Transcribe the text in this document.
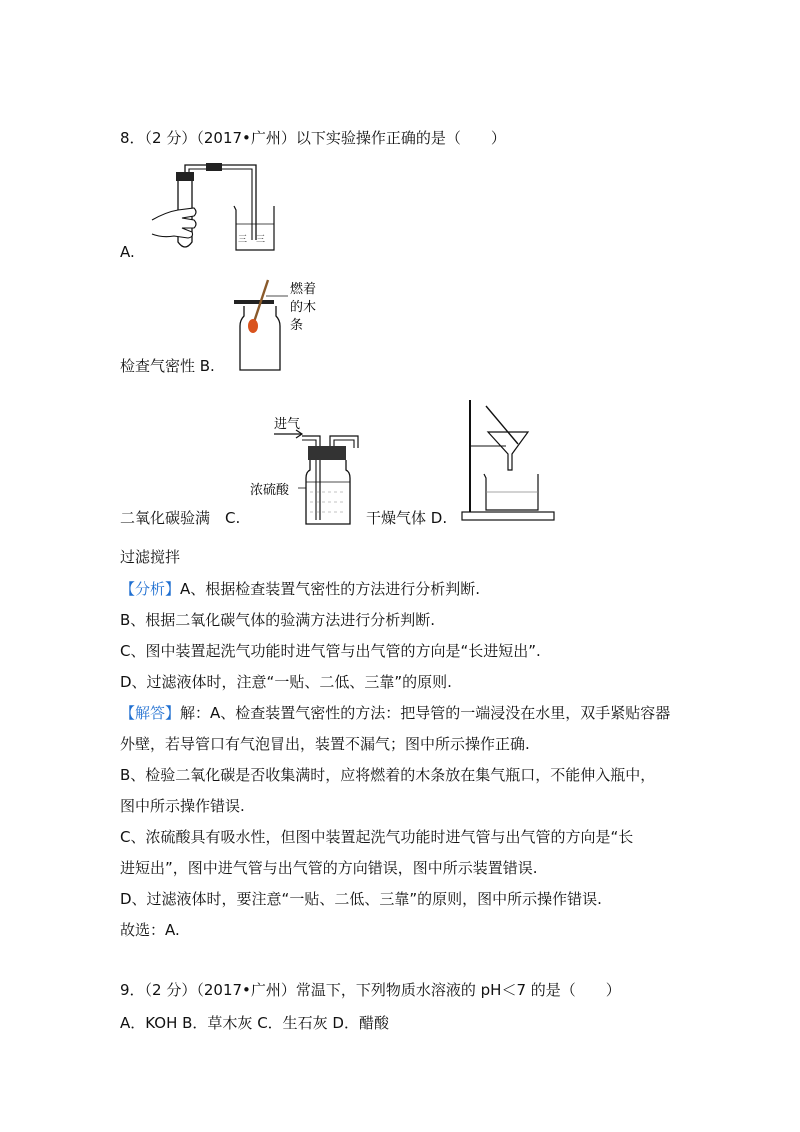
8．（2 分）（2017•广州）以下实验操作正确的是（　　）
三　三
A.
燃着
的木
条
检查气密性 B.
进气
浓硫酸
二氧化碳验满　C.	干燥气体 D.
过滤搅拌
【分析】A、根据检查装置气密性的方法进行分析判断.
B、根据二氧化碳气体的验满方法进行分析判断.
C、图中装置起洗气功能时进气管与出气管的方向是“长进短出”.
D、过滤液体时，注意“一贴、二低、三靠”的原则.
【解答】解：A、检查装置气密性的方法：把导管的一端浸没在水里，双手紧贴容器
外壁，若导管口有气泡冒出，装置不漏气；图中所示操作正确.
B、检验二氧化碳是否收集满时，应将燃着的木条放在集气瓶口，不能伸入瓶中，
图中所示操作错误.
C、浓硫酸具有吸水性，但图中装置起洗气功能时进气管与出气管的方向是“长
进短出”，图中进气管与出气管的方向错误，图中所示装置错误.
D、过滤液体时，要注意“一贴、二低、三靠”的原则，图中所示操作错误.
故选：A.
9．（2 分）（2017•广州）常温下，下列物质水溶液的 pH＜7 的是（　　）
A．KOH B．草木灰 C．生石灰 D．醋酸
